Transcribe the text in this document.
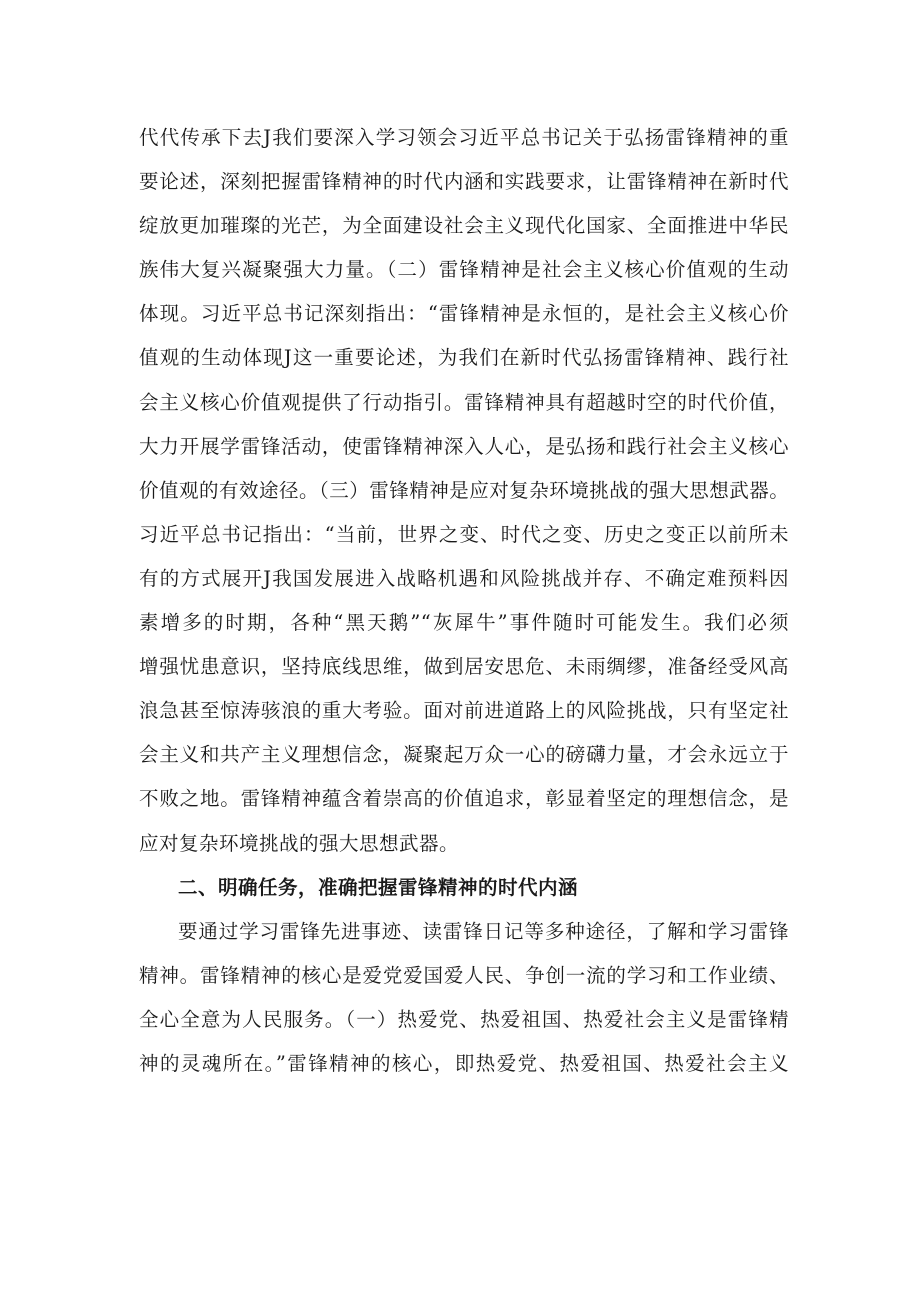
代代传承下去J我们要深入学习领会习近平总书记关于弘扬雷锋精神的重
要论述，深刻把握雷锋精神的时代内涵和实践要求，让雷锋精神在新时代
绽放更加璀璨的光芒，为全面建设社会主义现代化国家、全面推进中华民
族伟大复兴凝聚强大力量。（二）雷锋精神是社会主义核心价值观的生动
体现。习近平总书记深刻指出：“雷锋精神是永恒的，是社会主义核心价
值观的生动体现J这一重要论述，为我们在新时代弘扬雷锋精神、践行社
会主义核心价值观提供了行动指引。雷锋精神具有超越时空的时代价值，
大力开展学雷锋活动，使雷锋精神深入人心，是弘扬和践行社会主义核心
价值观的有效途径。（三）雷锋精神是应对复杂环境挑战的强大思想武器。
习近平总书记指出：“当前，世界之变、时代之变、历史之变正以前所未
有的方式展开J我国发展进入战略机遇和风险挑战并存、不确定难预料因
素增多的时期，各种“黑天鹅”“灰犀牛”事件随时可能发生。我们必须
增强忧患意识，坚持底线思维，做到居安思危、未雨绸缪，准备经受风高
浪急甚至惊涛骇浪的重大考验。面对前进道路上的风险挑战，只有坚定社
会主义和共产主义理想信念，凝聚起万众一心的磅礴力量，才会永远立于
不败之地。雷锋精神蕴含着崇高的价值追求，彰显着坚定的理想信念，是
应对复杂环境挑战的强大思想武器。
二、明确任务，准确把握雷锋精神的时代内涵
要通过学习雷锋先进事迹、读雷锋日记等多种途径，了解和学习雷锋
精神。雷锋精神的核心是爱党爱国爱人民、争创一流的学习和工作业绩、
全心全意为人民服务。（一）热爱党、热爱祖国、热爱社会主义是雷锋精
神的灵魂所在。”雷锋精神的核心，即热爱党、热爱祖国、热爱社会主义
